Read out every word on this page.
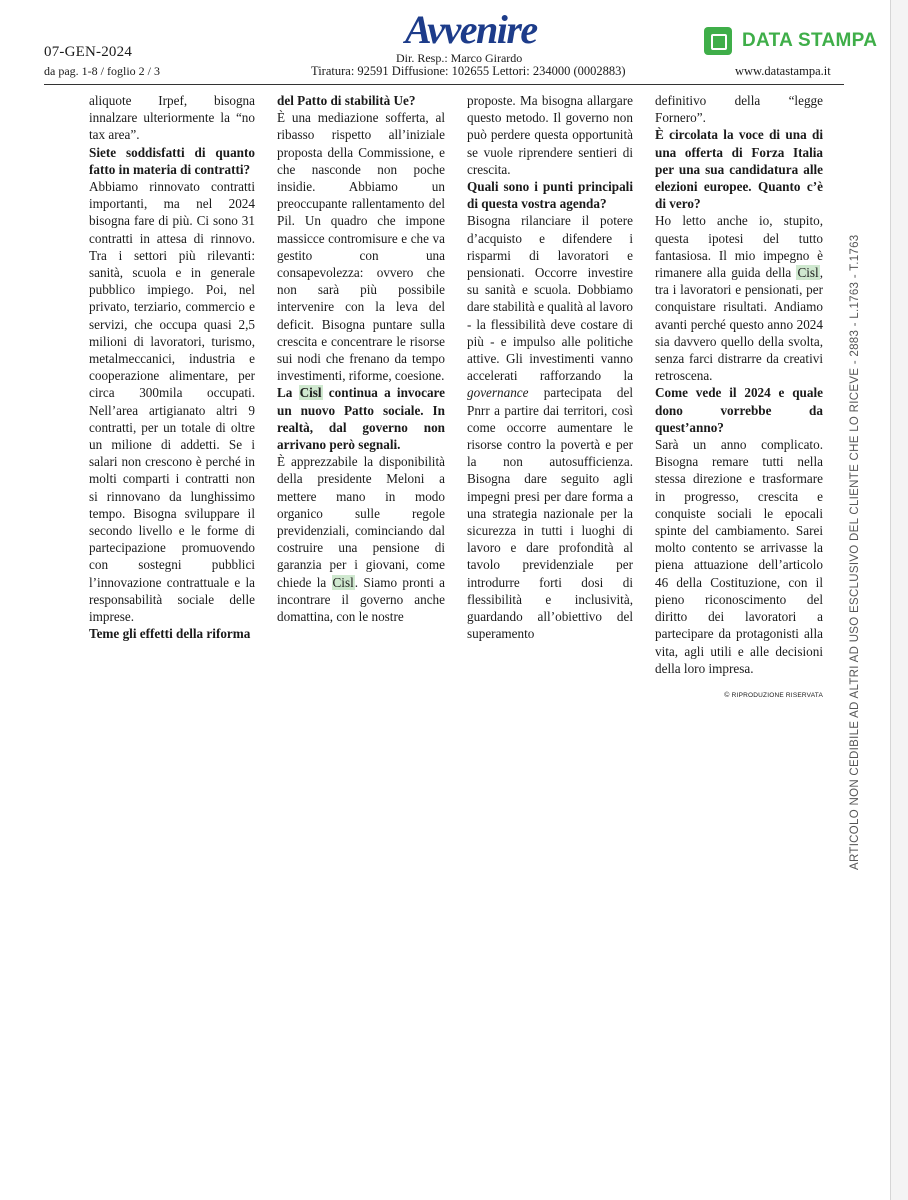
07-GEN-2024
da pag. 1-8 / foglio 2 / 3
Avvenire
Dir. Resp.: Marco Girardo
Tiratura: 92591 Diffusione: 102655 Lettori: 234000 (0002883)
DATA STAMPA
www.datastampa.it

aliquote Irpef, bisogna innalzare ulteriormente la “no tax area”.

Siete soddisfatti di quanto fatto in materia di contratti?

Abbiamo rinnovato contratti importanti, ma nel 2024 bisogna fare di più. Ci sono 31 contratti in attesa di rinnovo. Tra i settori più rilevanti: sanità, scuola e in generale pubblico impiego. Poi, nel privato, terziario, commercio e servizi, che occupa quasi 2,5 milioni di lavoratori, turismo, metalmeccanici, industria e cooperazione alimentare, per circa 300mila occupati. Nell’area artigianato altri 9 contratti, per un totale di oltre un milione di addetti. Se i salari non crescono è perché in molti comparti i contratti non si rinnovano da lunghissimo tempo. Bisogna sviluppare il secondo livello e le forme di partecipazione promuovendo con sostegni pubblici l’innovazione contrattuale e la responsabilità sociale delle imprese.

Teme gli effetti della riforma

del Patto di stabilità Ue?

È una mediazione sofferta, al ribasso rispetto all’iniziale proposta della Commissione, e che nasconde non poche insidie. Abbiamo un preoccupante rallentamento del Pil. Un quadro che impone massicce contromisure e che va gestito con una consapevolezza: ovvero che non sarà più possibile intervenire con la leva del deficit. Bisogna puntare sulla crescita e concentrare le risorse sui nodi che frenano da tempo investimenti, riforme, coesione.

La Cisl continua a invocare un nuovo Patto sociale. In realtà, dal governo non arrivano però segnali.

È apprezzabile la disponibilità della presidente Meloni a mettere mano in modo organico sulle regole previdenziali, cominciando dal costruire una pensione di garanzia per i giovani, come chiede la Cisl. Siamo pronti a incontrare il governo anche domattina, con le nostre

proposte. Ma bisogna allargare questo metodo. Il governo non può perdere questa opportunità se vuole riprendere sentieri di crescita.

Quali sono i punti principali di questa vostra agenda?

Bisogna rilanciare il potere d’acquisto e difendere i risparmi di lavoratori e pensionati. Occorre investire su sanità e scuola. Dobbiamo dare stabilità e qualità al lavoro - la flessibilità deve costare di più - e impulso alle politiche attive. Gli investimenti vanno accelerati rafforzando la governance partecipata del Pnrr a partire dai territori, così come occorre aumentare le risorse contro la povertà e per la non autosufficienza. Bisogna dare seguito agli impegni presi per dare forma a una strategia nazionale per la sicurezza in tutti i luoghi di lavoro e dare profondità al tavolo previdenziale per introdurre forti dosi di flessibilità e inclusività, guardando all’obiettivo del superamento

definitivo della “legge Fornero”.

È circolata la voce di una di una offerta di Forza Italia per una sua candidatura alle elezioni europee. Quanto c’è di vero?

Ho letto anche io, stupito, questa ipotesi del tutto fantasiosa. Il mio impegno è rimanere alla guida della Cisl, tra i lavoratori e pensionati, per conquistare risultati. Andiamo avanti perché questo anno 2024 sia davvero quello della svolta, senza farci distrarre da creativi retroscena.

Come vede il 2024 e quale dono vorrebbe da quest’anno?

Sarà un anno complicato. Bisogna remare tutti nella stessa direzione e trasformare in progresso, crescita e conquiste sociali le epocali spinte del cambiamento. Sarei molto contento se arrivasse la piena attuazione dell’articolo 46 della Costituzione, con il pieno riconoscimento del diritto dei lavoratori a partecipare da protagonisti alla vita, agli utili e alle decisioni della loro impresa.

© RIPRODUZIONE RISERVATA ARTICOLO NON CEDIBILE AD ALTRI AD USO ESCLUSIVO DEL CLIENTE CHE LO RICEVE - 2883 - L.1763 - T.1763
